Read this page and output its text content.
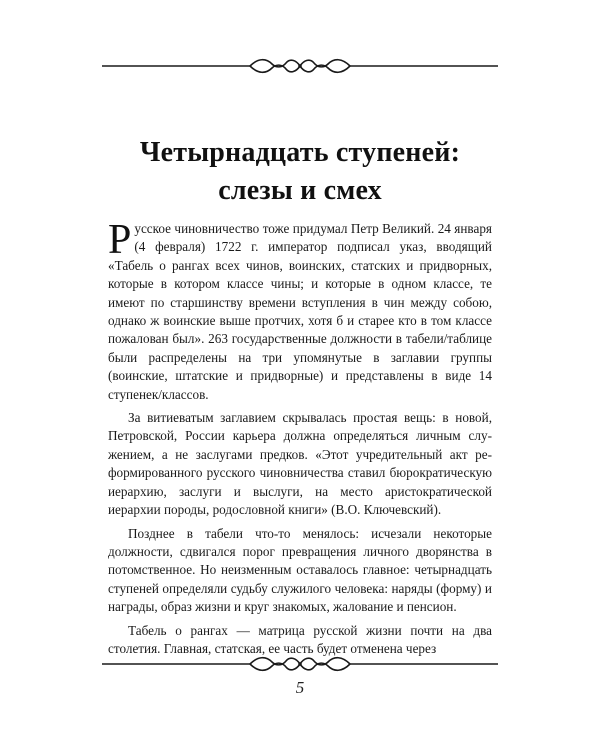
Четырнадцать ступеней:
слезы и смех

Русское чиновничество тоже придумал Петр Великий. 24 января (4 февраля) 1722 г. император подписал указ, вводящий «Табель о рангах всех чинов, воинских, статских и придворных, которые в котором классе чины; и которые в одном классе, те имеют по старшинству времени вступления в чин между собою, однако ж воинские выше протчих, хотя б и старее кто в том классе пожалован был». 263 государственные должности в табели/таблице были распределены на три упомянутые в заглавии группы (воинские, штатские и придворные) и представлены в виде 14 ступенек/классов.

За витиеватым заглавием скрывалась простая вещь: в новой, Петровской, России карьера должна определяться личным служением, а не заслугами предков. «Этот учредительный акт реформированного русского чиновничества ставил бюрократическую иерархию, заслуги и выслуги, на место аристократической иерархии породы, родословной книги» (В.О. Ключевский).

Позднее в табели что-то менялось: исчезали некоторые должности, сдвигался порог превращения личного дворянства в потомственное. Но неизменным оставалось главное: четырнадцать ступеней определяли судьбу служилого человека: наряды (форму) и награды, образ жизни и круг знакомых, жалование и пенсион.

Табель о рангах — матрица русской жизни почти на два столетия. Главная, статская, ее часть будет отменена через

5
